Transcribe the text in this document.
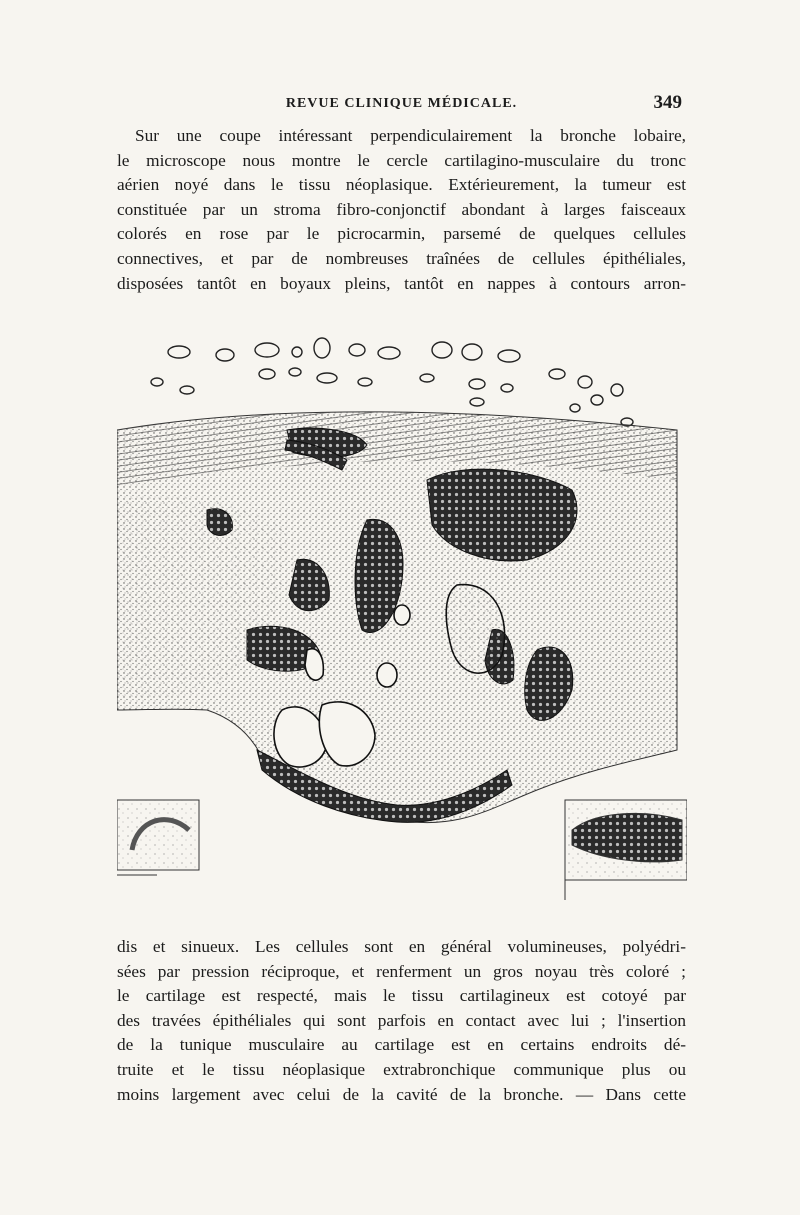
REVUE CLINIQUE MÉDICALE.	349
Sur une coupe intéressant perpendiculairement la bronche lobaire,
le microscope nous montre le cercle cartilagino-musculaire du tronc
aérien noyé dans le tissu néoplasique. Extérieurement, la tumeur est
constituée par un stroma fibro-conjonctif abondant à larges faisceaux
colorés en rose par le picrocarmin, parsemé de quelques cellules
connectives, et par de nombreuses traînées de cellules épithéliales,
disposées tantôt en boyaux pleins, tantôt en nappes à contours arron-
dis et sinueux. Les cellules sont en général volumineuses, polyédri-
sées par pression réciproque, et renferment un gros noyau très coloré ;
le cartilage est respecté, mais le tissu cartilagineux est cotoyé par
des travées épithéliales qui sont parfois en contact avec lui ; l'insertion
de la tunique musculaire au cartilage est en certains endroits dé-
truite et le tissu néoplasique extrabronchique communique plus ou
moins largement avec celui de la cavité de la bronche. — Dans cette
